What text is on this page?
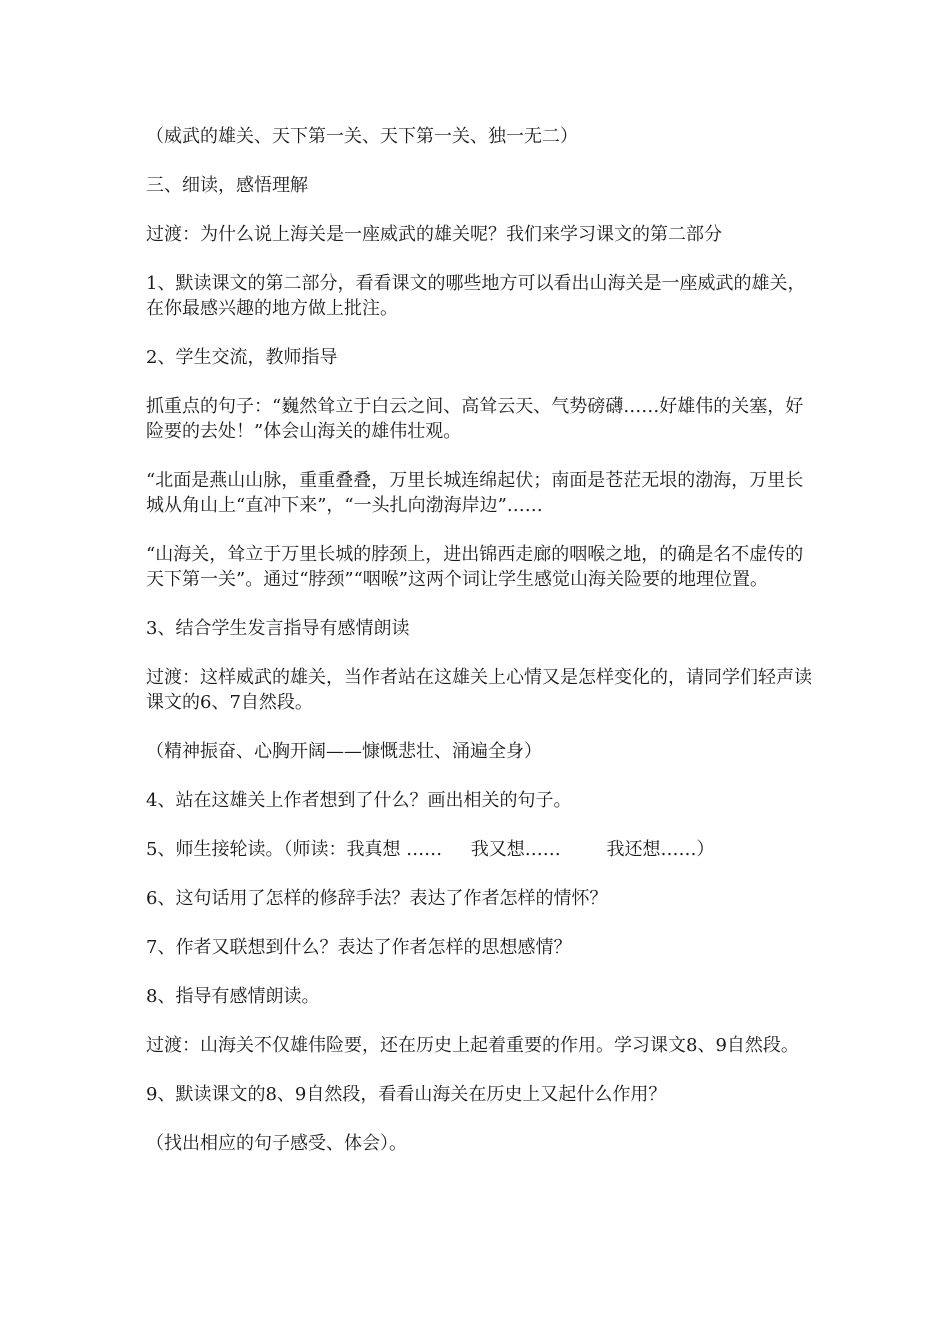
（威武的雄关、天下第一关、天下第一关、独一无二）

三、细读，感悟理解

过渡：为什么说上海关是一座威武的雄关呢？我们来学习课文的第二部分

1、默读课文的第二部分，看看课文的哪些地方可以看出山海关是一座威武的雄关，在你最感兴趣的地方做上批注。

2、学生交流，教师指导

抓重点的句子：“巍然耸立于白云之间、高耸云天、气势磅礴……好雄伟的关塞，好险要的去处！”体会山海关的雄伟壮观。

“北面是燕山山脉，重重叠叠，万里长城连绵起伏；南面是苍茫无垠的渤海，万里长城从角山上“直冲下来”，“一头扎向渤海岸边”……

“山海关，耸立于万里长城的脖颈上，进出锦西走廊的咽喉之地，的确是名不虚传的天下第一关”。通过“脖颈”“咽喉”这两个词让学生感觉山海关险要的地理位置。

3、结合学生发言指导有感情朗读

过渡：这样威武的雄关，当作者站在这雄关上心情又是怎样变化的，请同学们轻声读课文的6、7自然段。

（精神振奋、心胸开阔——慷慨悲壮、涌遍全身）

4、站在这雄关上作者想到了什么？画出相关的句子。

5、师生接轮读。（师读：我真想 ……     我又想……        我还想……）

6、这句话用了怎样的修辞手法？表达了作者怎样的情怀？

7、作者又联想到什么？表达了作者怎样的思想感情？

8、指导有感情朗读。

过渡：山海关不仅雄伟险要，还在历史上起着重要的作用。学习课文8、9自然段。

9、默读课文的8、9自然段，看看山海关在历史上又起什么作用？

（找出相应的句子感受、体会）。
